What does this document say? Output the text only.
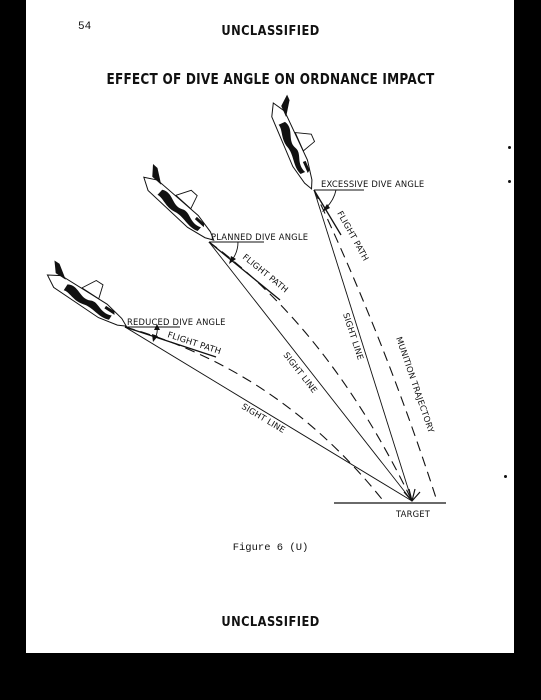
54	UNCLASSIFIED
EFFECT OF DIVE ANGLE ON ORDNANCE IMPACT
EXCESSIVE DIVE ANGLE
PLANNED DIVE ANGLE
REDUCED DIVE ANGLE
FLIGHT PATH
FLIGHT PATH
FLIGHT PATH	SIGHT LINE
SIGHT LINE
SIGHT LINE	MUNITION TRAJECTORY
TARGET
Figure 6 (U)
UNCLASSIFIED
